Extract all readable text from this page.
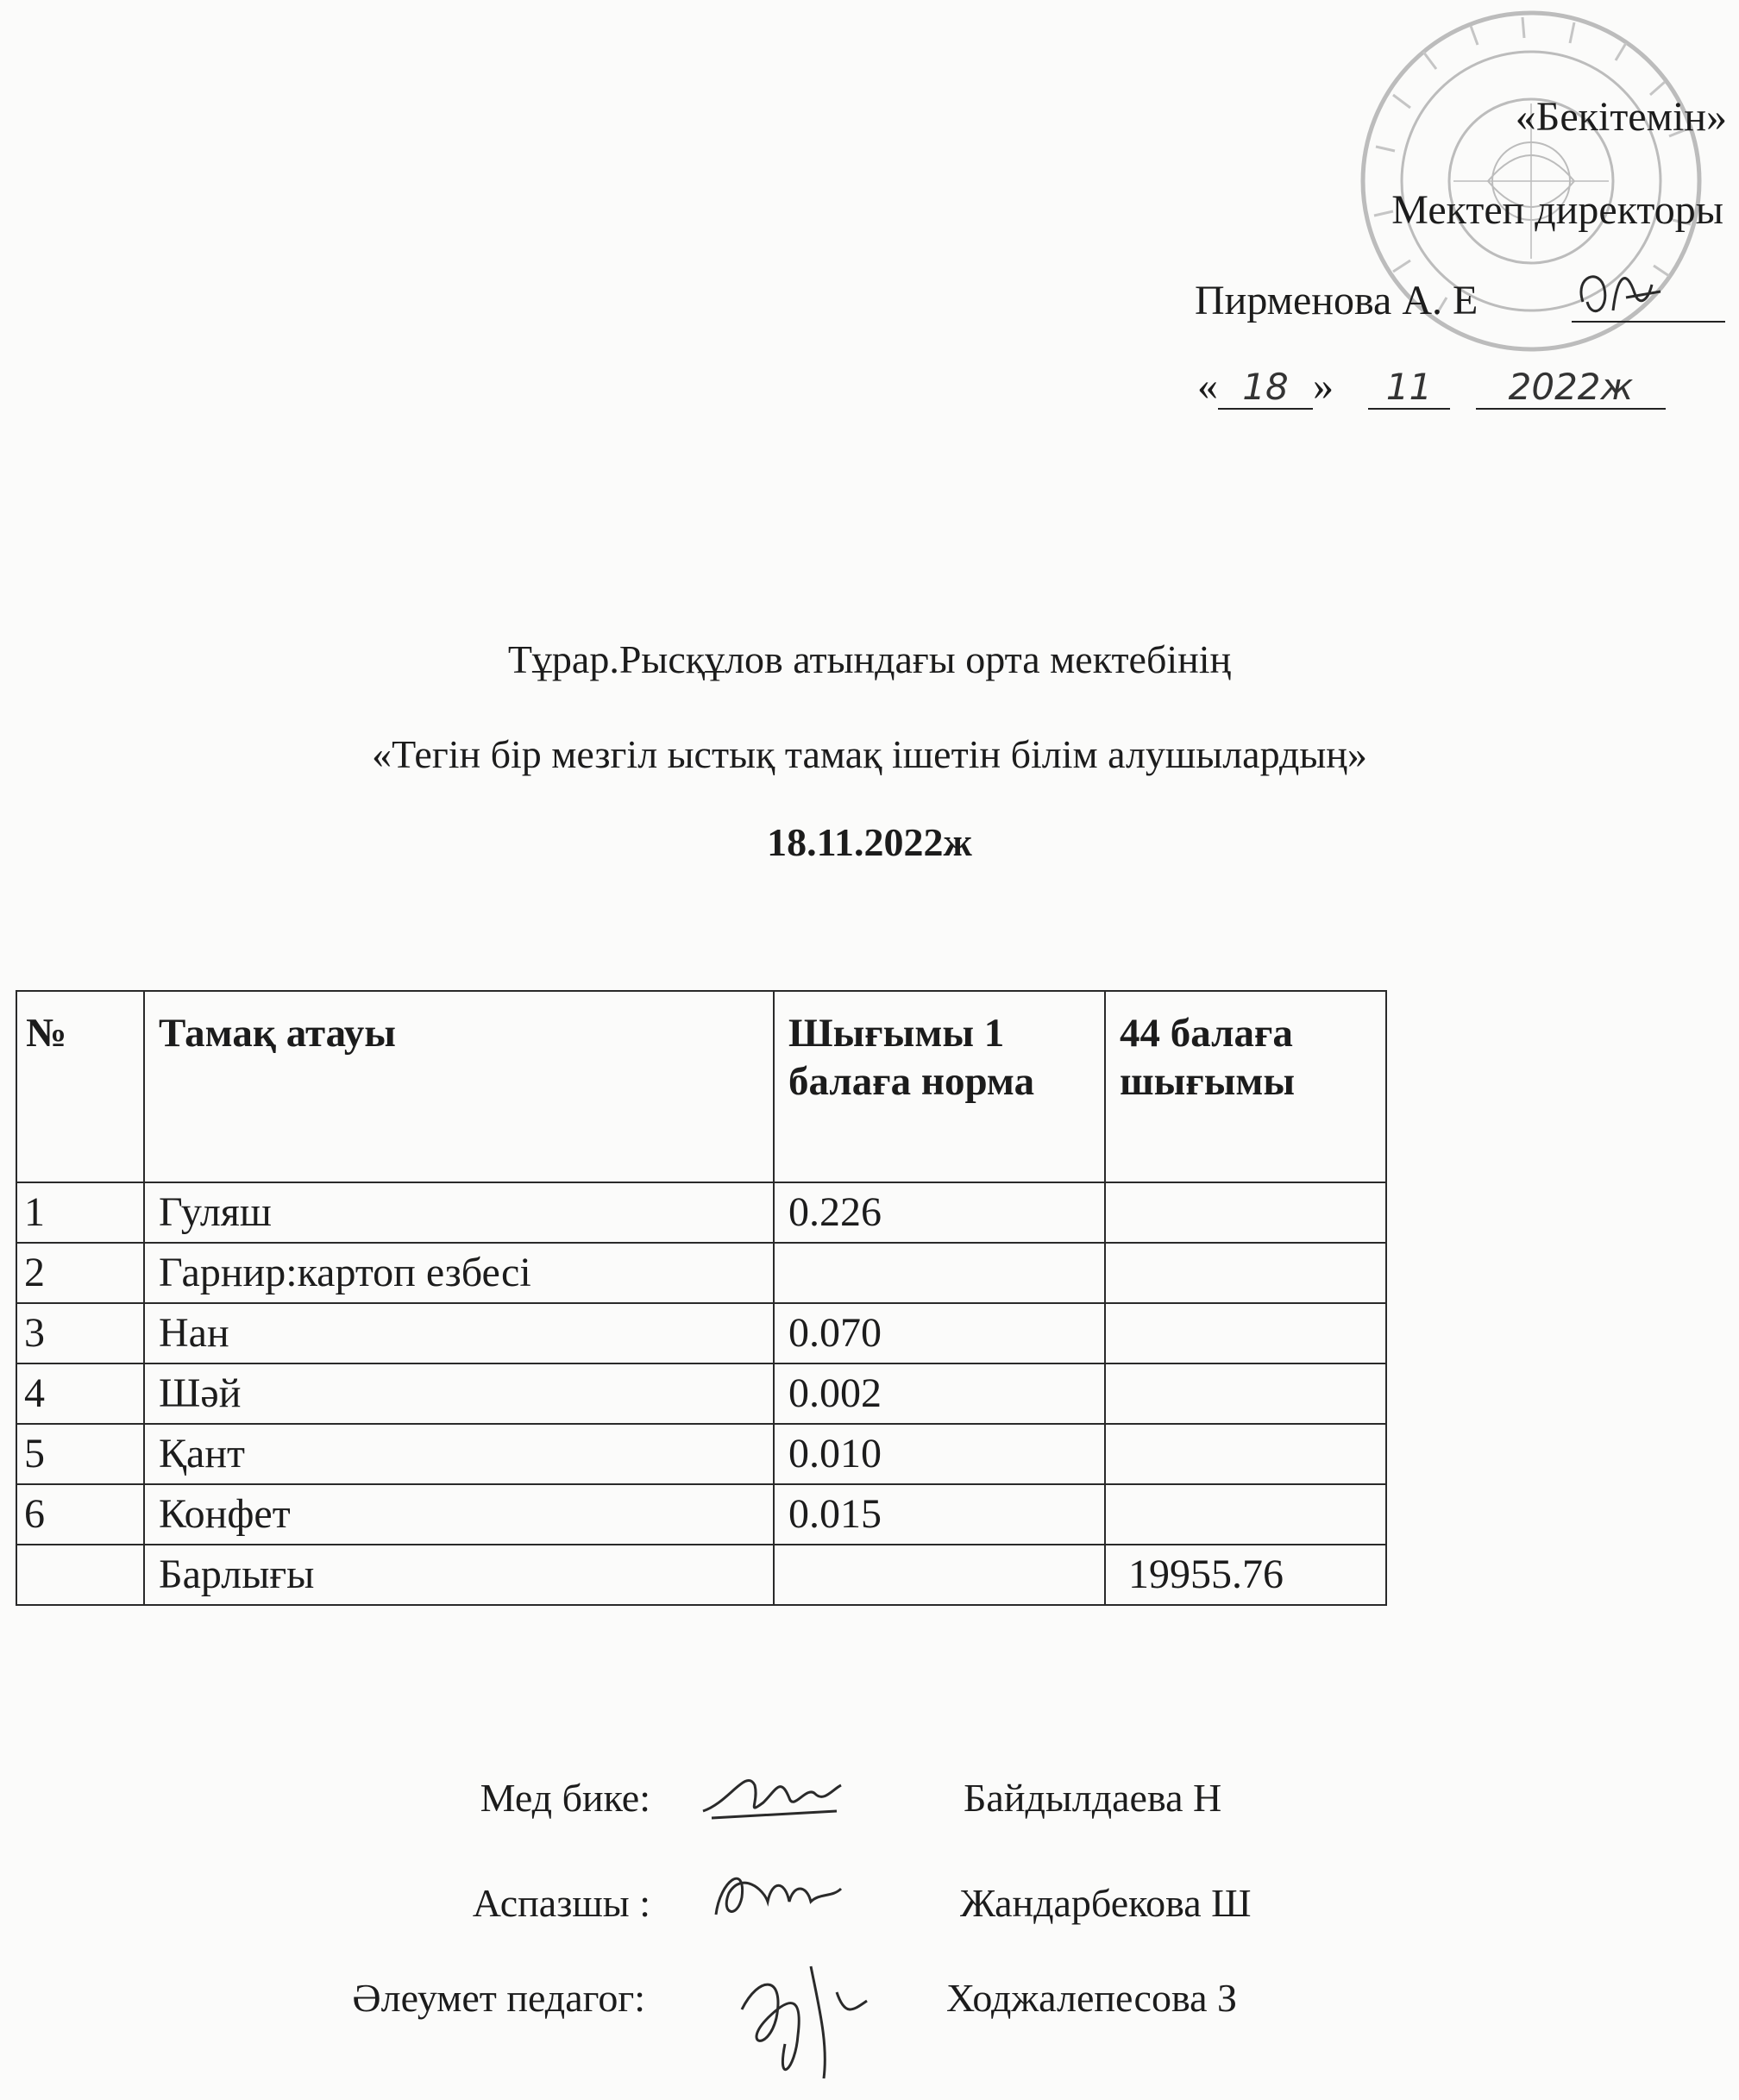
«Бекітемін»
Мектеп директоры
Пирменова А. Е
« 18 » 11 2022ж
Тұрар.Рысқұлов атындағы орта мектебінің
«Тегін бір мезгіл ыстық тамақ ішетін білім алушылардың»
18.11.2022ж
№	Тамақ атауы	Шығымы 1 балаға норма	44 балаға шығымы
1	Гуляш	0.226	
2	Гарнир:картоп езбесі		
3	Нан	0.070	
4	Шәй	0.002	
5	Қант	0.010	
6	Конфет	0.015	
	Барлығы		19955.76
Мед бике:	Байдылдаева Н
Аспазшы :	Жандарбекова Ш
Әлеумет педагог:	Ходжалепесова З
